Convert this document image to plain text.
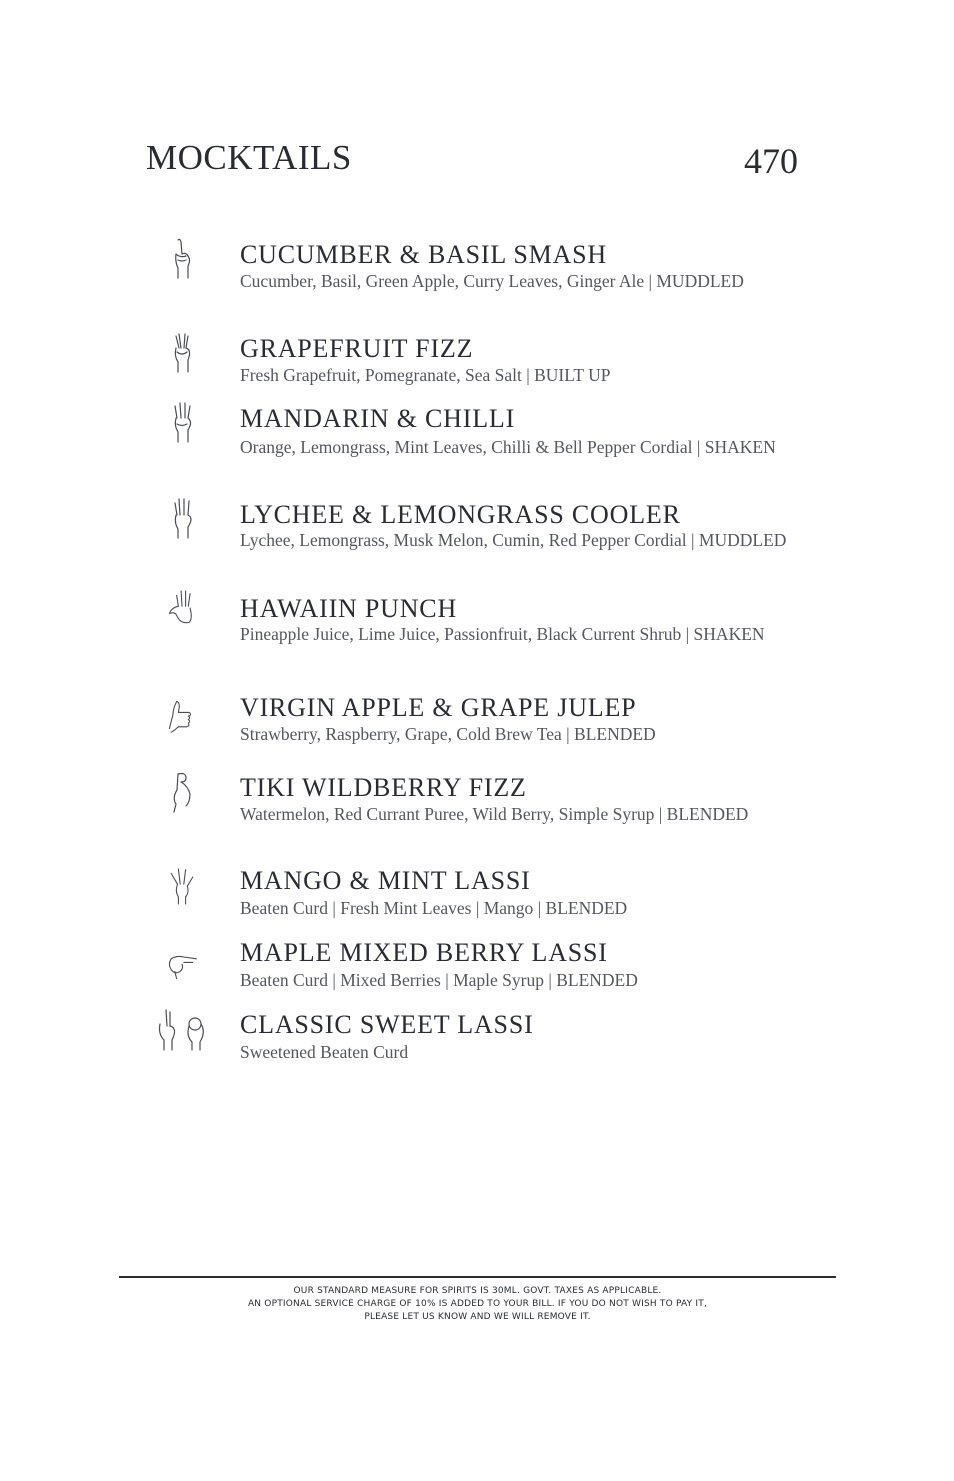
MOCKTAILS	470
CUCUMBER & BASIL SMASH
Cucumber, Basil, Green Apple, Curry Leaves, Ginger Ale | MUDDLED
GRAPEFRUIT FIZZ
Fresh Grapefruit, Pomegranate, Sea Salt | BUILT UP
MANDARIN & CHILLI
Orange, Lemongrass, Mint Leaves, Chilli & Bell Pepper Cordial | SHAKEN
LYCHEE & LEMONGRASS COOLER
Lychee, Lemongrass, Musk Melon, Cumin, Red Pepper Cordial | MUDDLED
HAWAIIN PUNCH
Pineapple Juice, Lime Juice, Passionfruit, Black Current Shrub | SHAKEN
VIRGIN APPLE & GRAPE JULEP
Strawberry, Raspberry, Grape, Cold Brew Tea | BLENDED
TIKI WILDBERRY FIZZ
Watermelon, Red Currant Puree, Wild Berry, Simple Syrup | BLENDED
MANGO & MINT LASSI
Beaten Curd | Fresh Mint Leaves | Mango | BLENDED
MAPLE MIXED BERRY LASSI
Beaten Curd | Mixed Berries | Maple Syrup | BLENDED
CLASSIC SWEET LASSI
Sweetened Beaten Curd
OUR STANDARD MEASURE FOR SPIRITS IS 30ML. GOVT. TAXES AS APPLICABLE.
AN OPTIONAL SERVICE CHARGE OF 10% IS ADDED TO YOUR BILL. IF YOU DO NOT WISH TO PAY IT,
PLEASE LET US KNOW AND WE WILL REMOVE IT.
